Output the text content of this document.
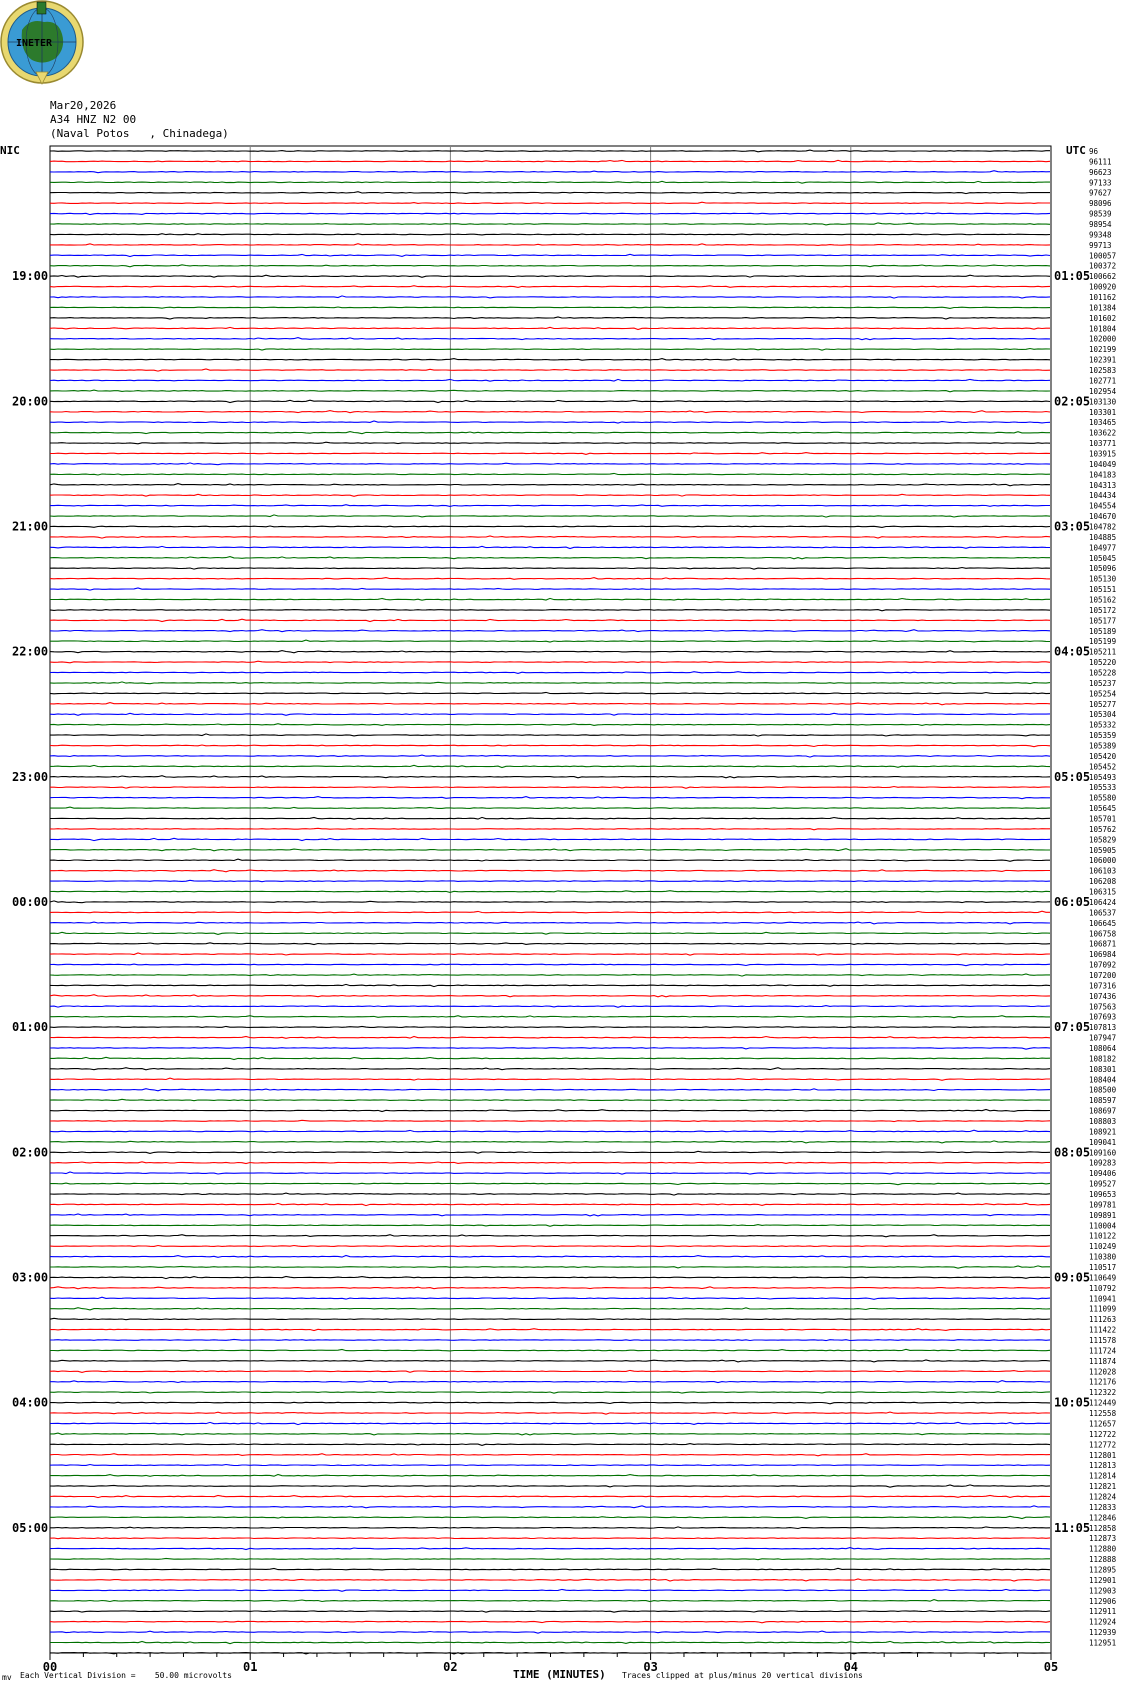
INETER
Mar20,2026
A34 HNZ N2 00
(Naval Potos   , Chinadega)
NIC	UTC
00	01	02	03	04	05
96
96111
96623
97133
97627
98096
98539
98954
99348
99713
100057
100372
100662
100920
101162
101384
101602
101804
102000
102199
102391
102583
102771
102954
103130
103301
103465
103622
103771
103915
104049
104183
104313
104434
104554
104670
104782
104885
104977
105045
105096
105130
105151
105162
105172
105177
105189
105199
105211
105220
105228
105237
105254
105277
105304
105332
105359
105389
105420
105452
105493
105533
105580
105645
105701
105762
105829
105905
106000
106103
106208
106315
106424
106537
106645
106758
106871
106984
107092
107200
107316
107436
107563
107693
107813
107947
108064
108182
108301
108404
108500
108597
108697
108803
108921
109041
109160
109283
109406
109527
109653
109781
109891
110004
110122
110249
110380
110517
110649
110792
110941
111099
111263
111422
111578
111724
111874
112028
112176
112322
112449
112558
112657
112722
112772
112801
112813
112814
112821
112824
112833
112846
112858
112873
112880
112888
112895
112901
112903
112906
112911
112924
112939
112951
19:00
20:00
21:00
22:00
23:00
00:00
01:00
02:00
03:00
04:00
05:00
01:05
02:05
03:05
04:05
05:05
06:05
07:05
08:05
09:05
10:05
11:05
mv Each Vertical Division =    50.00 microvolts	TIME (MINUTES) Traces clipped at plus/minus 20 vertical divisions
